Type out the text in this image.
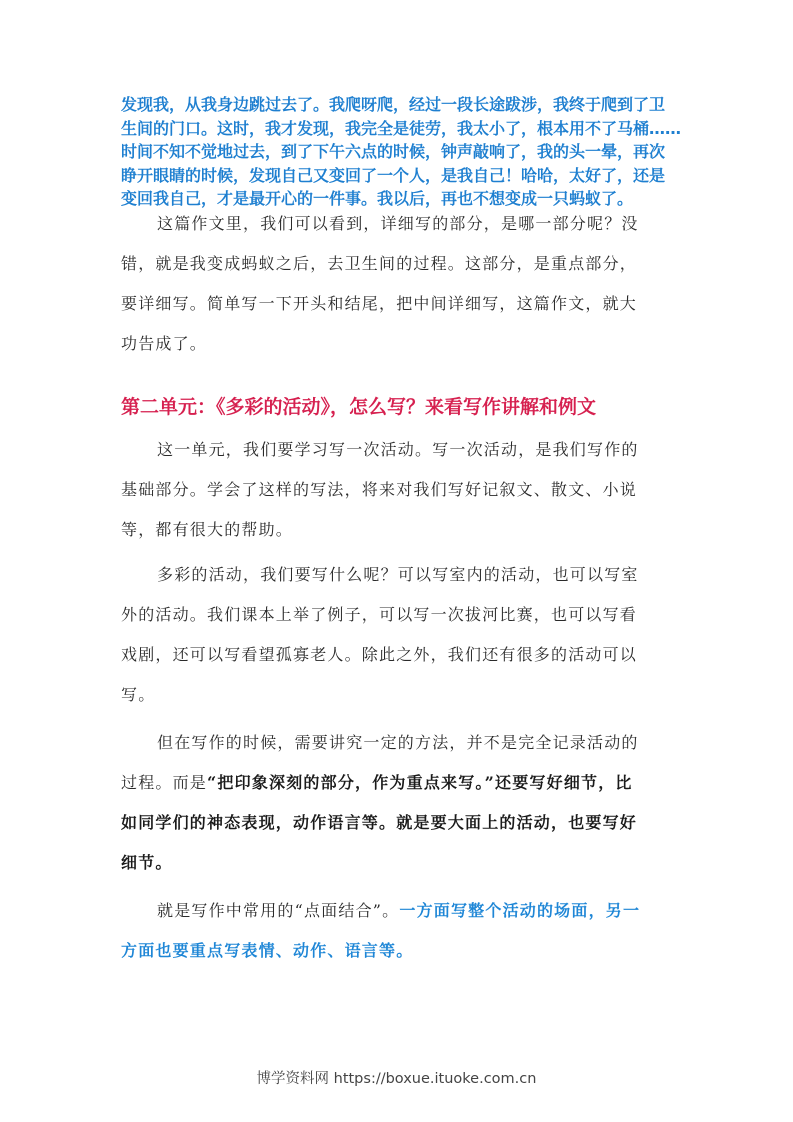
发现我，从我身边跳过去了。我爬呀爬，经过一段长途跋涉，我终于爬到了卫
生间的门口。这时，我才发现，我完全是徒劳，我太小了，根本用不了马桶……
时间不知不觉地过去，到了下午六点的时候，钟声敲响了，我的头一晕，再次
睁开眼睛的时候，发现自己又变回了一个人，是我自己！哈哈，太好了，还是
变回我自己，才是最开心的一件事。我以后，再也不想变成一只蚂蚁了。
这篇作文里，我们可以看到，详细写的部分，是哪一部分呢？没
错，就是我变成蚂蚁之后，去卫生间的过程。这部分，是重点部分，
要详细写。简单写一下开头和结尾，把中间详细写，这篇作文，就大
功告成了。
第二单元：《多彩的活动》，怎么写？来看写作讲解和例文
这一单元，我们要学习写一次活动。写一次活动，是我们写作的
基础部分。学会了这样的写法，将来对我们写好记叙文、散文、小说
等，都有很大的帮助。
多彩的活动，我们要写什么呢？可以写室内的活动，也可以写室
外的活动。我们课本上举了例子，可以写一次拔河比赛，也可以写看
戏剧，还可以写看望孤寡老人。除此之外，我们还有很多的活动可以
写。
但在写作的时候，需要讲究一定的方法，并不是完全记录活动的
过程。而是“把印象深刻的部分，作为重点来写。”还要写好细节，比
如同学们的神态表现，动作语言等。就是要大面上的活动，也要写好
细节。
就是写作中常用的“点面结合”。一方面写整个活动的场面，另一
方面也要重点写表情、动作、语言等。
博学资料网 https://boxue.ituoke.com.cn
